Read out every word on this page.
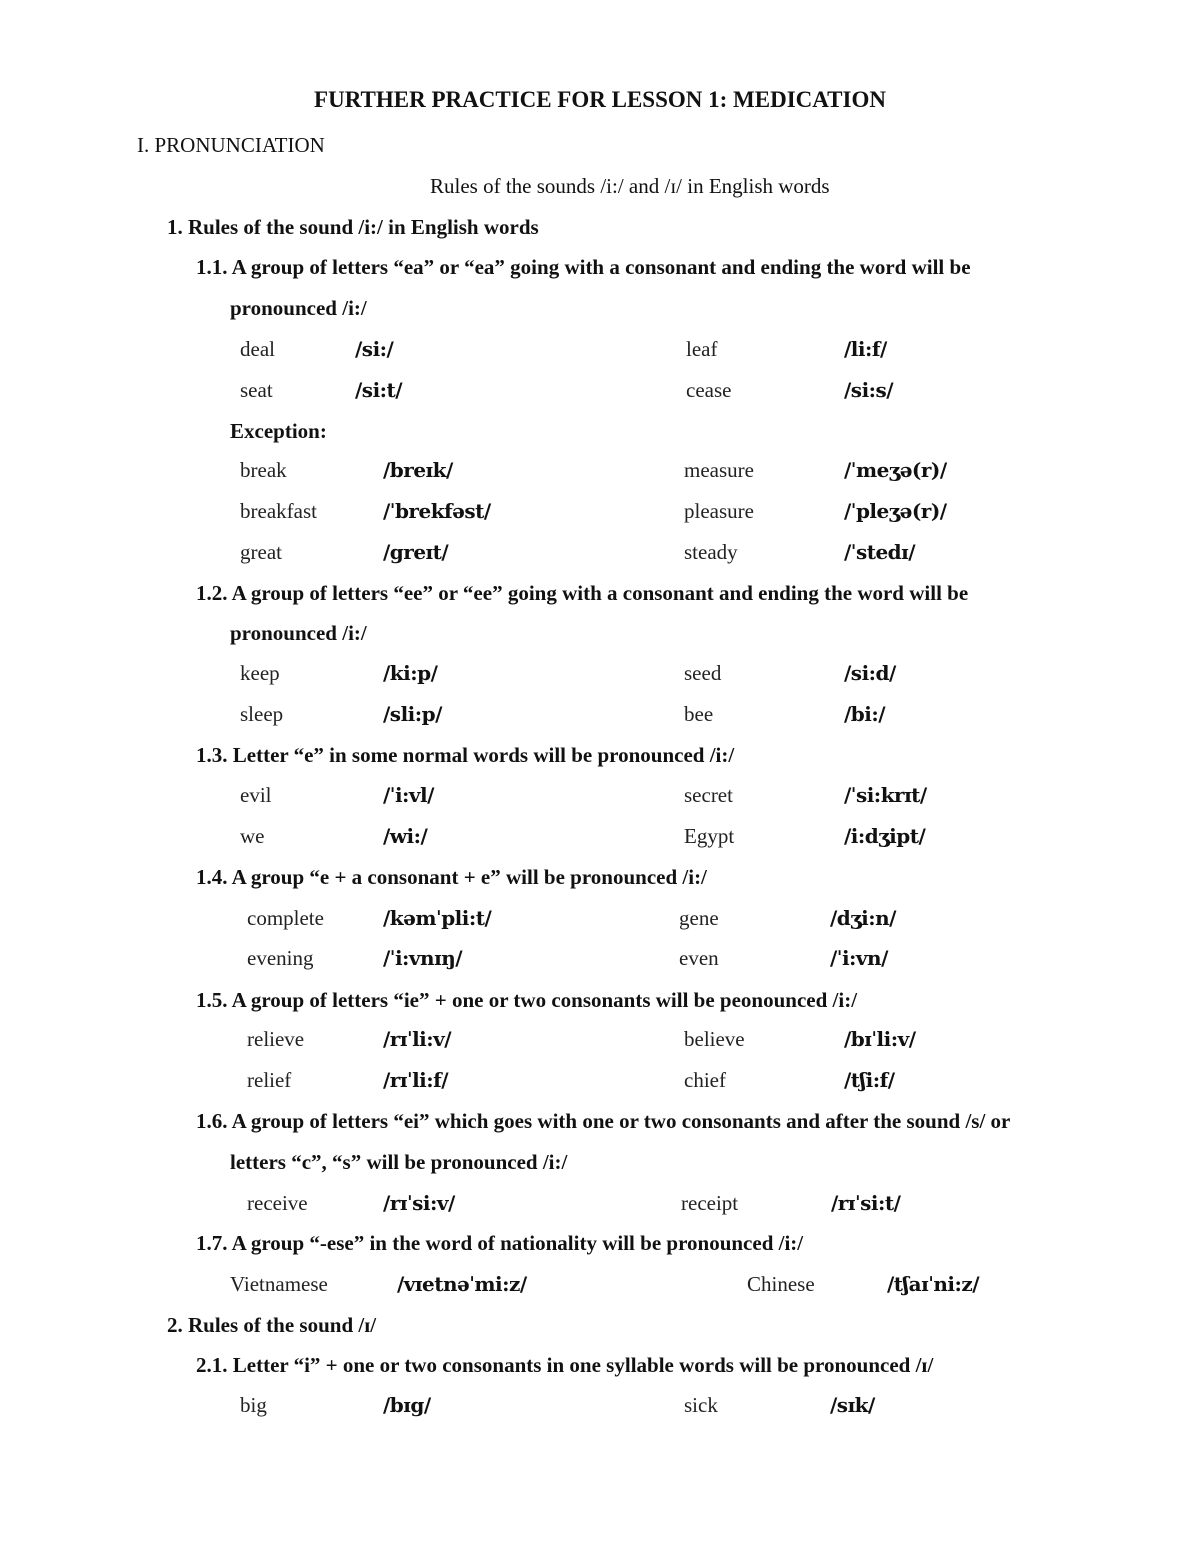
FURTHER PRACTICE FOR LESSON 1: MEDICATION
I. PRONUNCIATION
Rules of the sounds /i:/ and /ɪ/ in English words
1. Rules of the sound /i:/ in English words
1.1. A group of letters “ea” or “ea” going with a consonant and ending the word will be
pronounced /i:/
deal	/si:/	leaf	/li:f/
seat	/si:t/	cease	/si:s/
Exception:
break	/breɪk/	measure	/ˈmeʒə(r)/
breakfast	/ˈbrekfəst/	pleasure	/ˈpleʒə(r)/
great	/greɪt/	steady	/ˈstedɪ/
1.2. A group of letters “ee” or “ee” going with a consonant and ending the word will be
pronounced /i:/
keep	/ki:p/	seed	/si:d/
sleep	/sli:p/	bee	/bi:/
1.3. Letter “e” in some normal words will be pronounced /i:/
evil	/ˈi:vl/	secret	/ˈsi:krɪt/
we	/wi:/	Egypt	/i:dʒipt/
1.4. A group “e + a consonant + e” will be pronounced /i:/
complete	/kəmˈpli:t/	gene	/dʒi:n/
evening	/ˈi:vnɪŋ/	even	/ˈi:vn/
1.5. A group of letters “ie” + one or two consonants will be peonounced /i:/
relieve	/rɪˈli:v/	believe	/bɪˈli:v/
relief	/rɪˈli:f/	chief	/tʃi:f/
1.6. A group of letters “ei” which goes with one or two consonants and after the sound /s/ or
letters “c”, “s” will be pronounced /i:/
receive	/rɪˈsi:v/	receipt	/rɪˈsi:t/
1.7. A group “-ese” in the word of nationality will be pronounced /i:/
Vietnamese	/vɪetnəˈmi:z/	Chinese	/tʃaɪˈni:z/
2. Rules of the sound /ɪ/
2.1. Letter “i” + one or two consonants in one syllable words will be pronounced /ɪ/
big	/bɪg/	sick	/sɪk/
